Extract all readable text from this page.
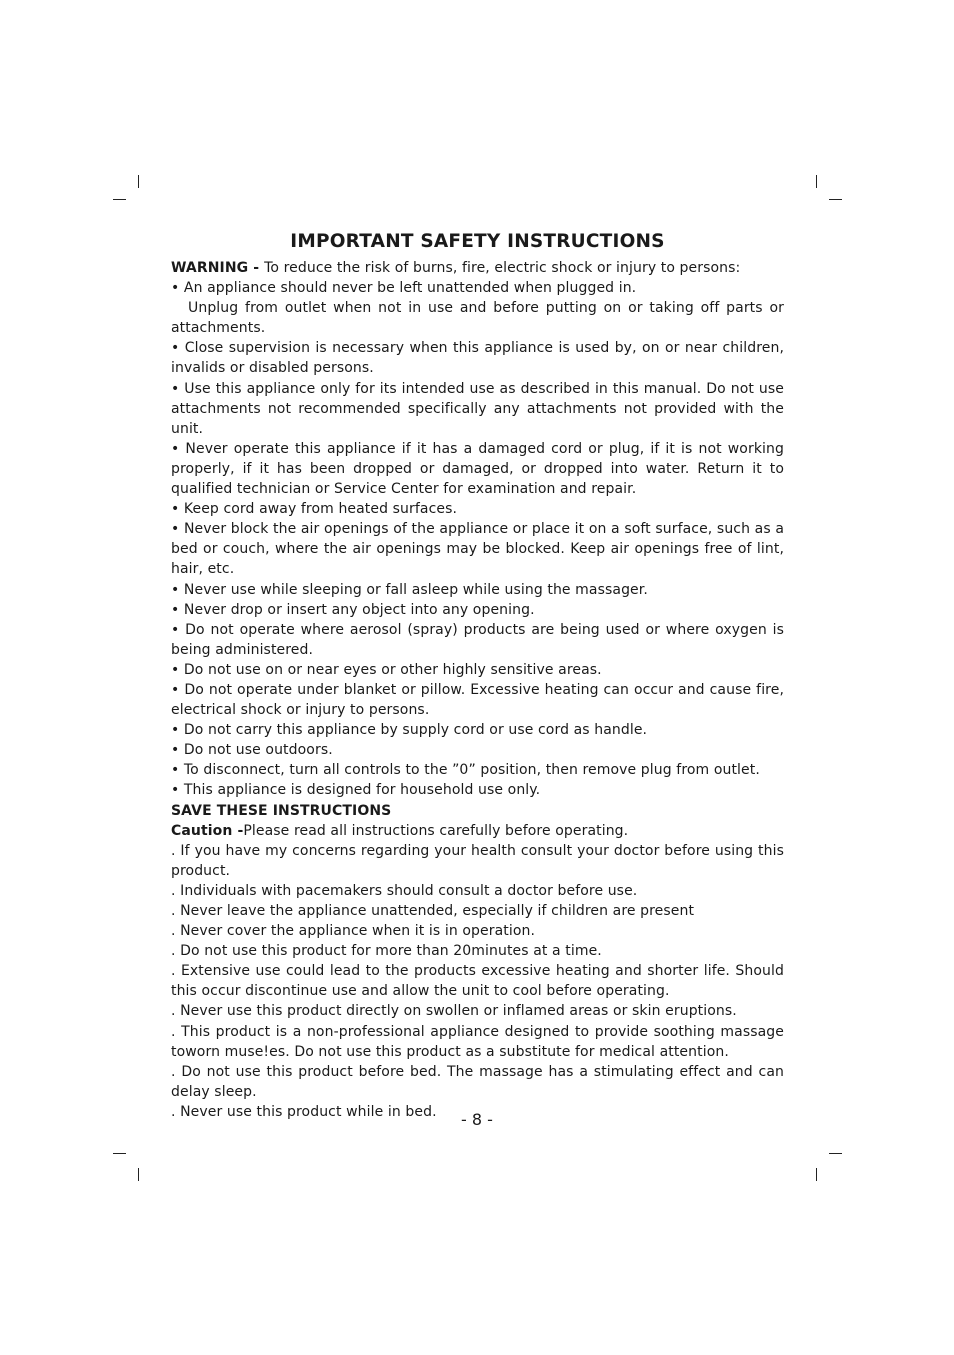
IMPORTANT SAFETY INSTRUCTIONS

WARNING - To reduce the risk of burns, fire, electric shock or injury to persons:

• An appliance should never be left unattended when plugged in.

Unplug from outlet when not in use and before putting on or taking off parts or attachments.

• Close supervision is necessary when this appliance is used by, on or near children, invalids or disabled persons.

• Use this appliance only for its intended use as described in this manual. Do not use attachments not recommended specifically any attachments not provided with the unit.

• Never operate this appliance if it has a damaged cord or plug, if it is not working properly, if it has been dropped or damaged, or dropped into water. Return it to qualified technician or Service Center for examination and repair.

• Keep cord away from heated surfaces.

• Never block the air openings of the appliance or place it on a soft surface, such as a bed or couch, where the air openings may be blocked. Keep air openings free of lint, hair, etc.

• Never use while sleeping or fall asleep while using the massager.

• Never drop or insert any object into any opening.

• Do not operate where aerosol (spray) products are being used or where oxygen is being administered.

• Do not use on or near eyes or other highly sensitive areas.

• Do not operate under blanket or pillow. Excessive heating can occur and cause fire, electrical shock or injury to persons.

• Do not carry this appliance by supply cord or use cord as handle.

• Do not use outdoors.

• To disconnect, turn all controls to the ”0” position, then remove plug from outlet.

• This appliance is designed for household use only.

SAVE THESE INSTRUCTIONS

Caution -Please read all instructions carefully before operating.

. If you have my concerns regarding your health consult your doctor before using this product.

. Individuals with pacemakers should consult a doctor before use.

. Never leave the appliance unattended, especially if children are present

. Never cover the appliance when it is in operation.

. Do not use this product for more than 20minutes at a time.

. Extensive use could lead to the products excessive heating and shorter life. Should this occur discontinue use and allow the unit to cool before operating.

. Never use this product directly on swollen or inflamed areas or skin eruptions.

. This product is a non-professional appliance designed to provide soothing massage toworn muse!es. Do not use this product as a substitute for medical attention.

. Do not use this product before bed. The massage has a stimulating effect and can delay sleep.

. Never use this product while in bed.	- 8 -
